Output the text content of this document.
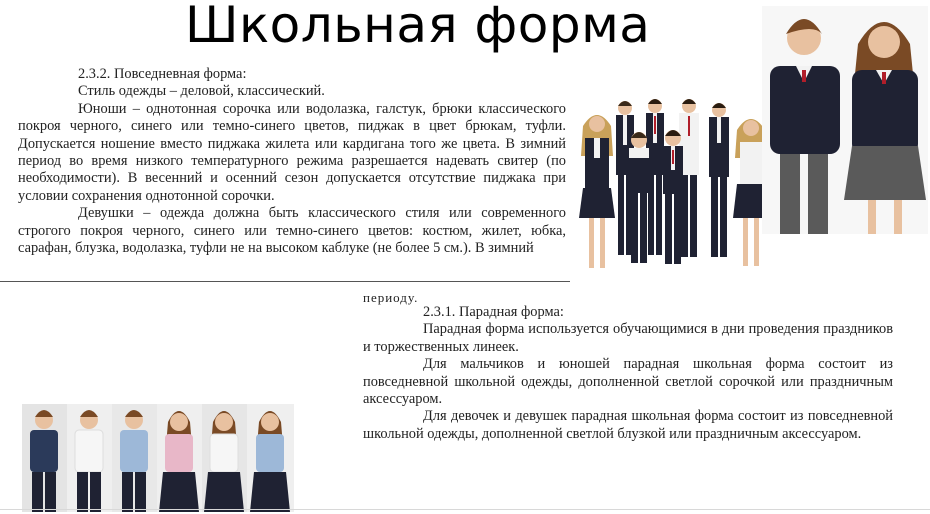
Школьная форма

2.3.2. Повседневная форма:

Стиль одежды – деловой, классический.

Юноши – однотонная сорочка или водолазка, галстук, брюки классического покроя черного, синего или темно-синего цветов, пиджак в цвет брюкам, туфли. Допускается ношение вместо пиджака жилета или кардигана того же цвета. В зимний период во время низкого температурного режима разрешается надевать свитер (по необходимости). В весенний и осенний сезон допускается отсутствие пиджака при условии сохранения однотонной сорочки.

Девушки – одежда должна быть классического стиля или современного строгого покроя черного, синего или темно-синего цветов: костюм, жилет, юбка, сарафан, блузка, водолазка, туфли не на высоком каблуке (не более 5 см.). В зимний

периоду.

2.3.1. Парадная форма:

Парадная форма используется обучающимися в дни проведения праздников и торжественных линеек.

Для мальчиков и юношей парадная школьная форма состоит из повседневной школьной одежды, дополненной светлой сорочкой или праздничным аксессуаром.

Для девочек и девушек парадная школьная форма состоит из повседневной школьной одежды, дополненной светлой блузкой или праздничным аксессуаром.
